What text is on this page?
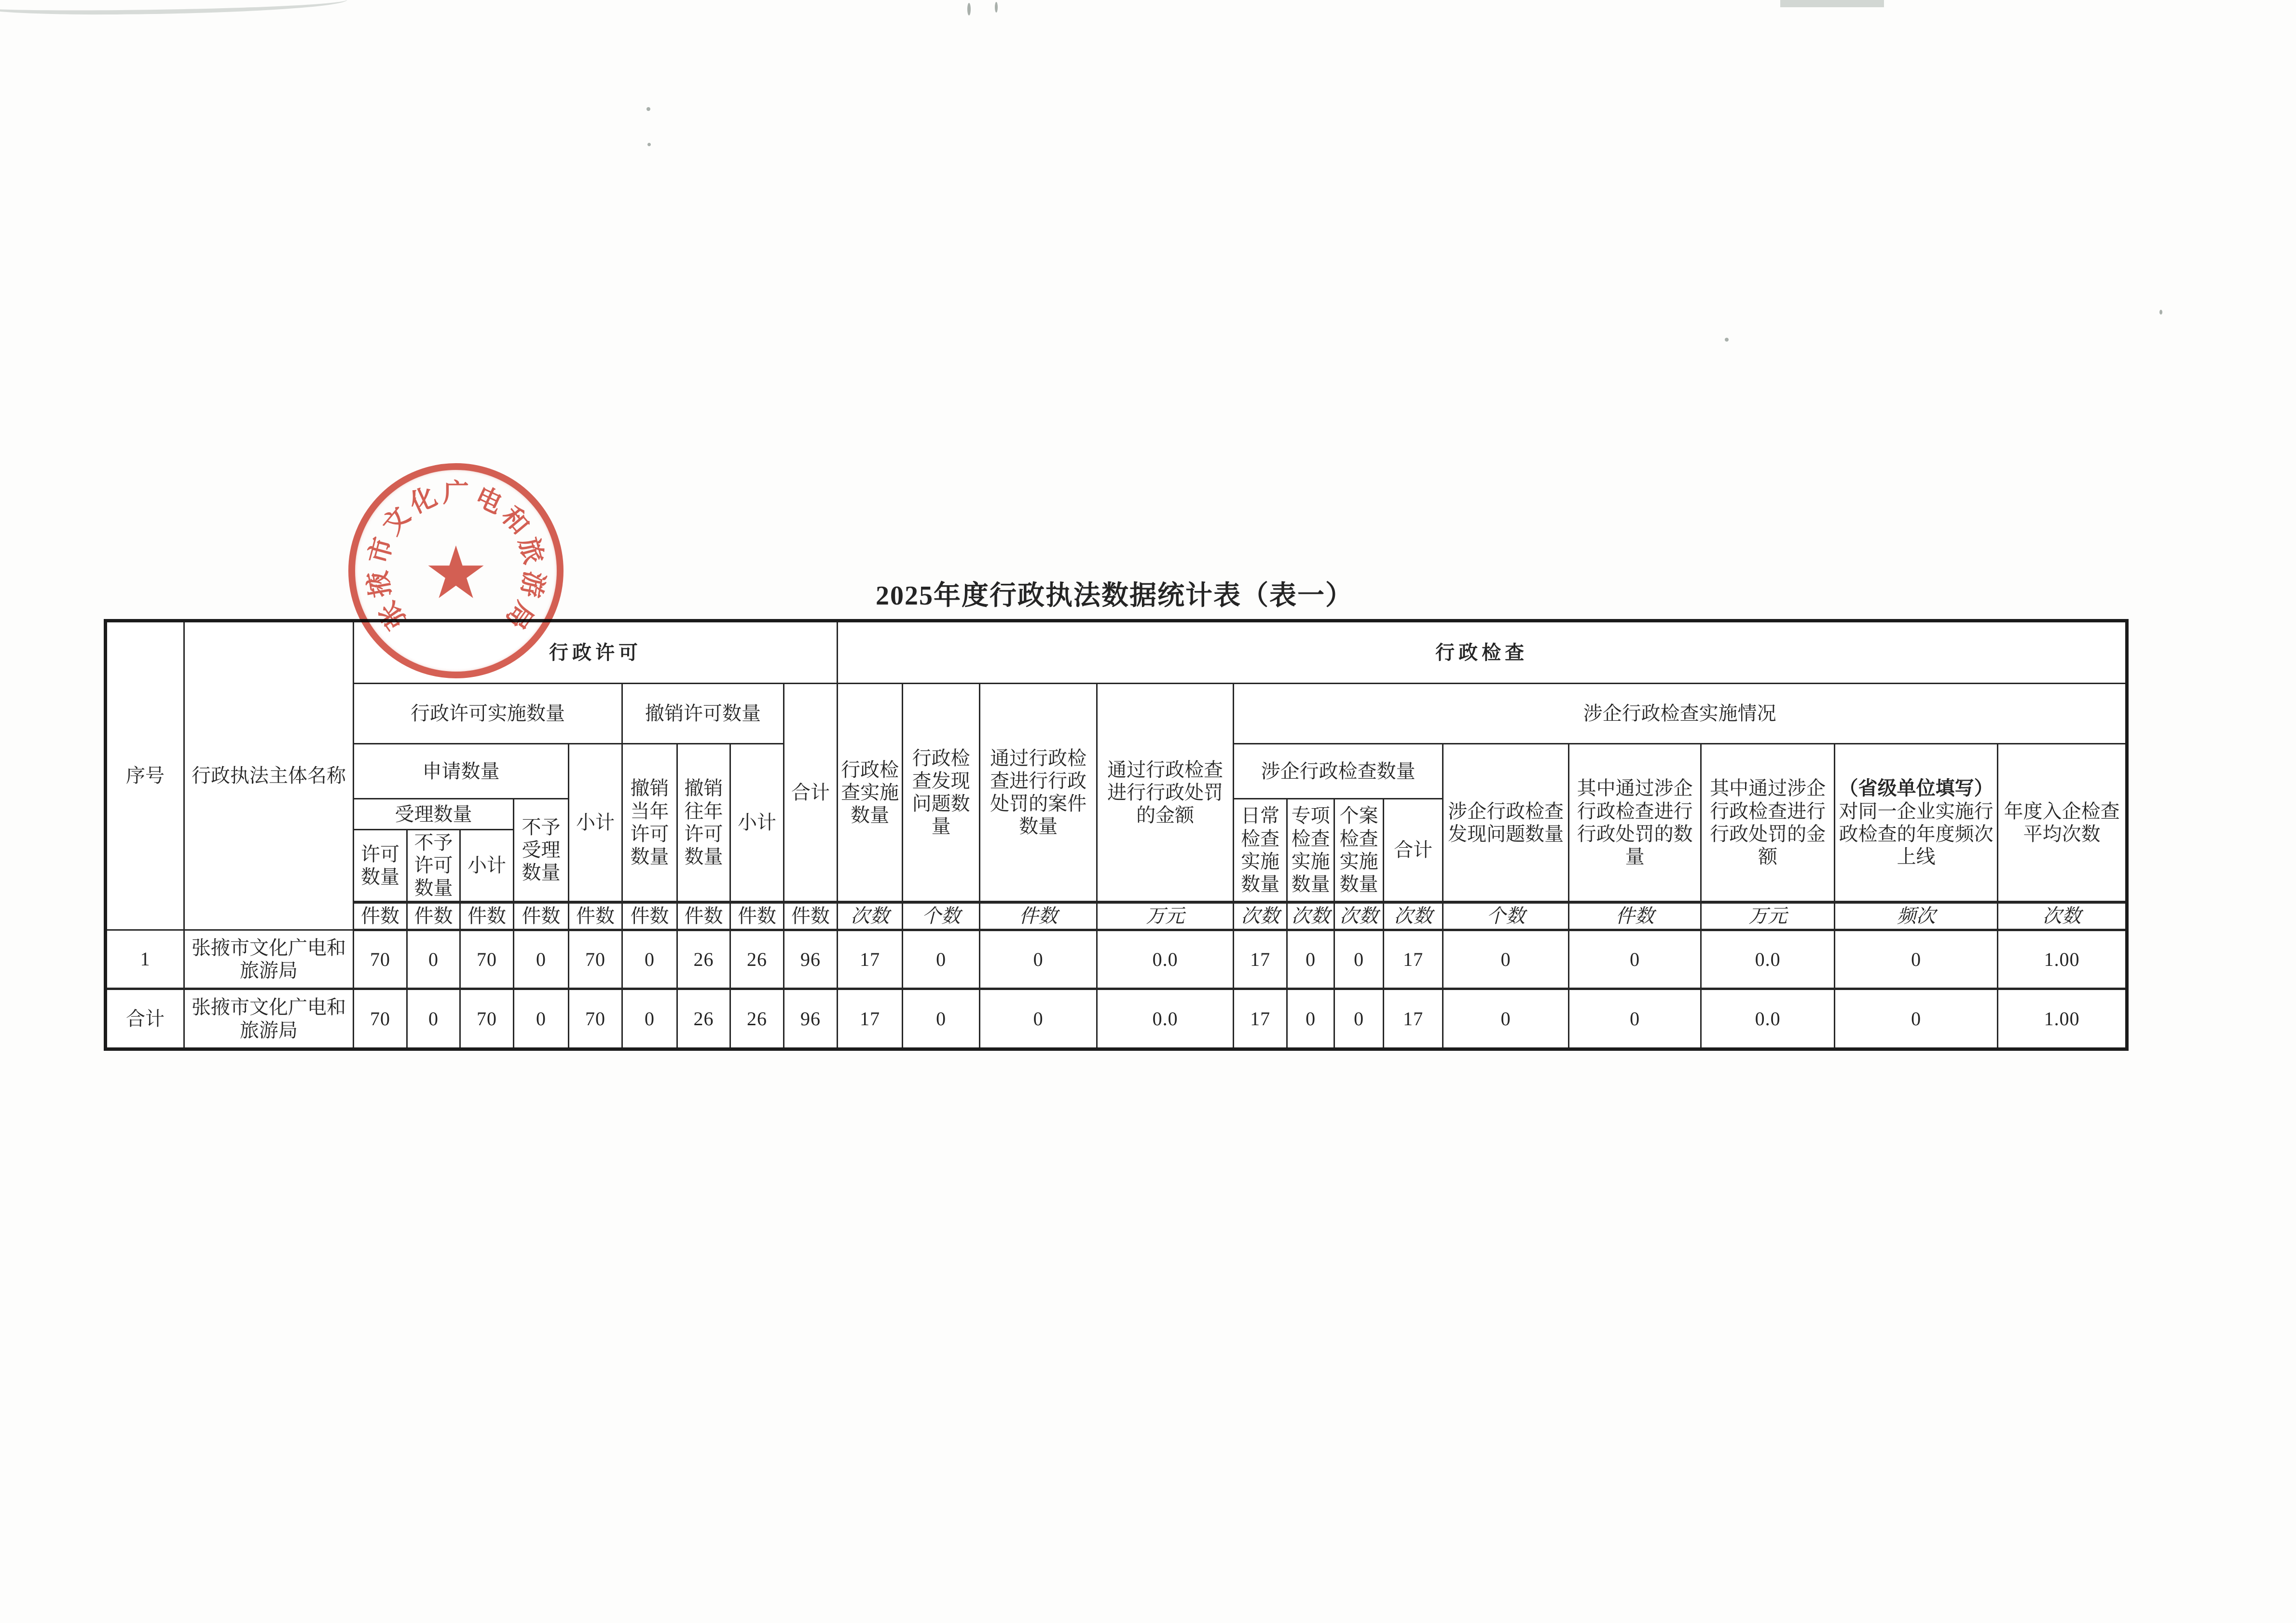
2025年度行政执法数据统计表（表一）
序号	行政执法主体名称	行政许可									行政检查												
		行政许可实施数量					撤销许可数量			合计	行政检查实施数量	行政检查发现问题数量	通过行政检查进行行政处罚的案件数量	通过行政检查进行行政处罚的金额	涉企行政检查实施情况								
		申请数量				小计	撤销当年许可数量	撤销往年许可数量	小计						涉企行政检查数量				涉企行政检查发现问题数量	其中通过涉企行政检查进行行政处罚的数量	其中通过涉企行政检查进行行政处罚的金额	（省级单位填写）对同一企业实施行政检查的年度频次上线	年度入企检查平均次数
		受理数量			不予受理数量										日常检查实施数量	专项检查实施数量	个案检查实施数量	合计					
		许可数量	不予许可数量	小计																			
		件数	件数	件数	件数	件数	件数	件数	件数	件数	次数	个数	件数	万元	次数	次数	次数	次数	个数	件数	万元	频次	次数
1	张掖市文化广电和旅游局	70	0	70	0	70	0	26	26	96	17	0	0	0.0	17	0	0	17	0	0	0.0	0	1.00
合计	张掖市文化广电和旅游局	70	0	70	0	70	0	26	26	96	17	0	0	0.0	17	0	0	17	0	0	0.0	0	1.00
★
张
掖
市
文
化 广 电
和
旅
游
局
